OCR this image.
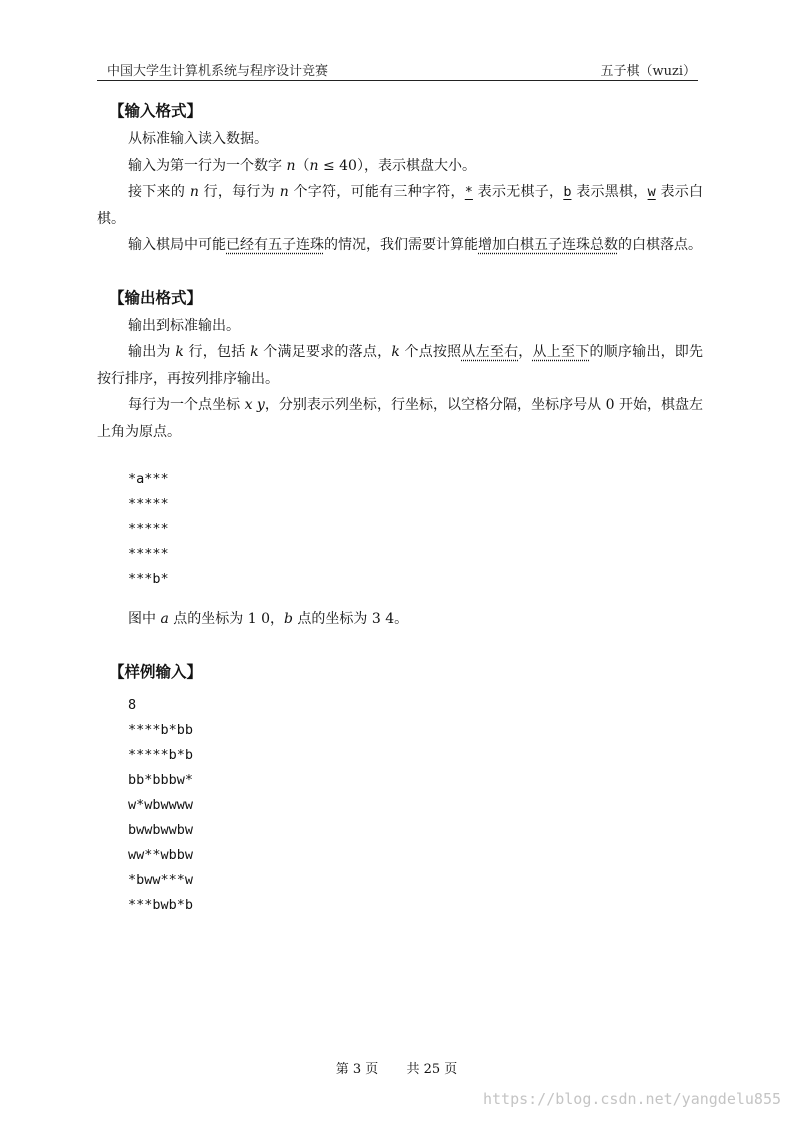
中国大学生计算机系统与程序设计竞赛	五子棋（wuzi）
【输入格式】

从标准输入读入数据。

输入为第一行为一个数字 n（n ≤ 40），表示棋盘大小。

接下来的 n 行，每行为 n 个字符，可能有三种字符，* 表示无棋子，b 表示黑棋，w 表示白棋。

输入棋局中可能已经有五子连珠的情况，我们需要计算能增加白棋五子连珠总数的白棋落点。

【输出格式】

输出到标准输出。

输出为 k 行，包括 k 个满足要求的落点，k 个点按照从左至右，从上至下的顺序输出，即先按行排序，再按列排序输出。

每行为一个点坐标 x y，分别表示列坐标，行坐标，以空格分隔，坐标序号从 0 开始，棋盘左上角为原点。

*a***
*****
*****
*****
***b*

图中 a 点的坐标为 1 0，b 点的坐标为 3 4。

【样例输入】
8
****b*bb
*****b*b
bb*bbbw*
w*wbwwww
bwwbwwbw
ww**wbbw
*bww***w
***bwb*b
第 3 页 共 25 页
https://blog.csdn.net/yangdelu855
